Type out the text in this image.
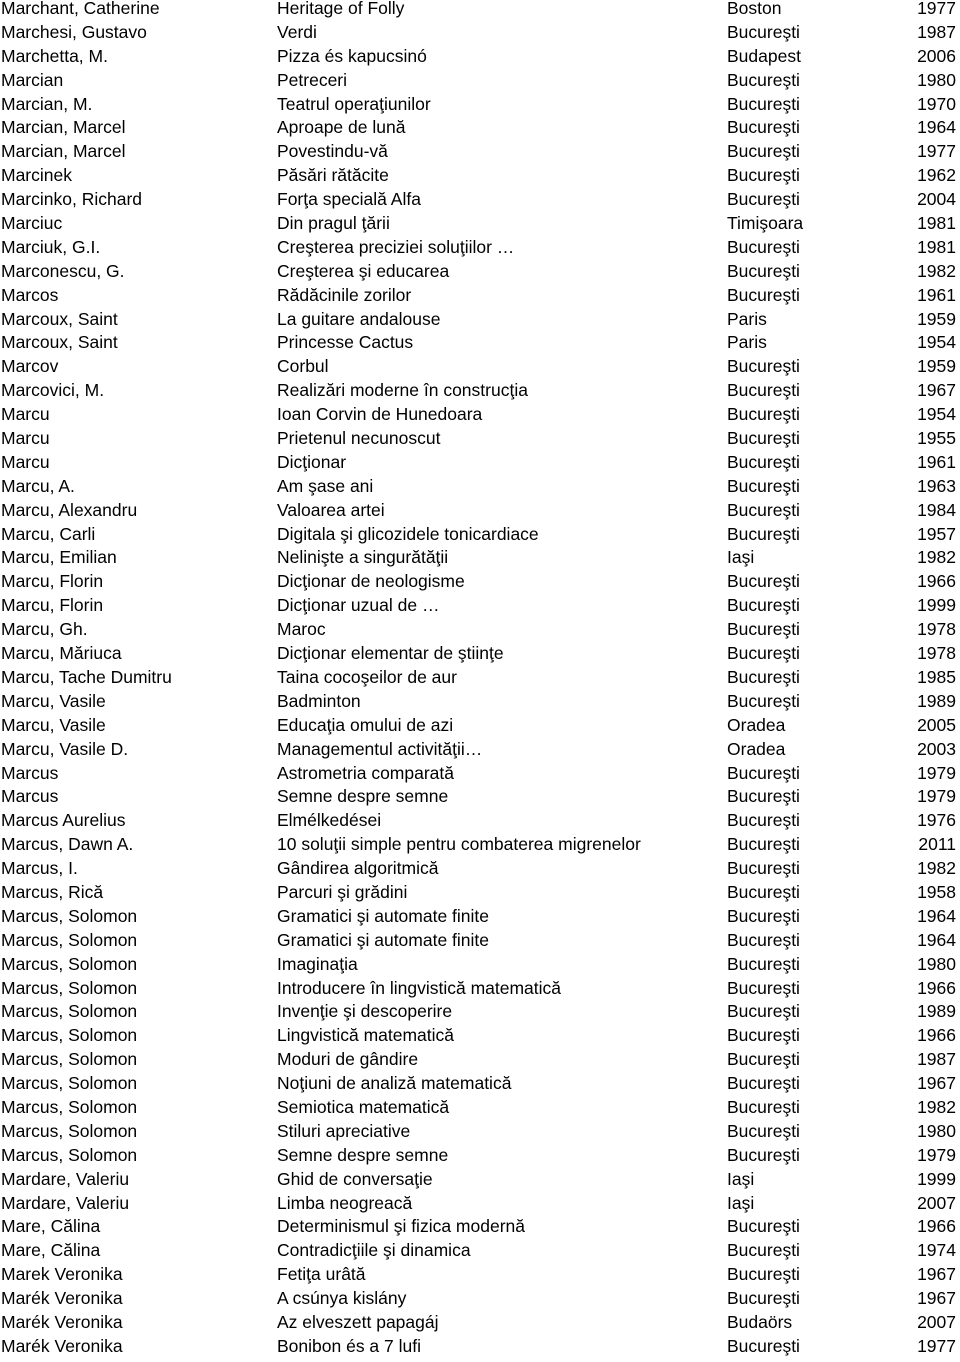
Marchant, Catherine	Heritage of Folly	Boston	1977
Marchesi, Gustavo	Verdi	Bucureşti	1987
Marchetta, M.	Pizza és kapucsinó	Budapest	2006
Marcian	Petreceri	Bucureşti	1980
Marcian, M.	Teatrul operaţiunilor	Bucureşti	1970
Marcian, Marcel	Aproape de lună	Bucureşti	1964
Marcian, Marcel	Povestindu-vă	Bucureşti	1977
Marcinek	Păsări rătăcite	Bucureşti	1962
Marcinko, Richard	Forţa specială Alfa	Bucureşti	2004
Marciuc	Din pragul ţării	Timişoara	1981
Marciuk, G.I.	Creşterea preciziei soluţiilor …	Bucureşti	1981
Marconescu, G.	Creşterea şi educarea	Bucureşti	1982
Marcos	Rădăcinile zorilor	Bucureşti	1961
Marcoux, Saint	La guitare andalouse	Paris	1959
Marcoux, Saint	Princesse Cactus	Paris	1954
Marcov	Corbul	Bucureşti	1959
Marcovici, M.	Realizări moderne în construcţia	Bucureşti	1967
Marcu	Ioan Corvin de Hunedoara	Bucureşti	1954
Marcu	Prietenul necunoscut	Bucureşti	1955
Marcu	Dicţionar	Bucureşti	1961
Marcu, A.	Am şase ani	Bucureşti	1963
Marcu, Alexandru	Valoarea artei	Bucureşti	1984
Marcu, Carli	Digitala şi glicozidele tonicardiace	Bucureşti	1957
Marcu, Emilian	Nelinişte a singurătăţii	Iaşi	1982
Marcu, Florin	Dicţionar de neologisme	Bucureşti	1966
Marcu, Florin	Dicţionar uzual de …	Bucureşti	1999
Marcu, Gh.	Maroc	Bucureşti	1978
Marcu, Măriuca	Dicţionar elementar de ştiinţe	Bucureşti	1978
Marcu, Tache Dumitru	Taina cocoşeilor de aur	Bucureşti	1985
Marcu, Vasile	Badminton	Bucureşti	1989
Marcu, Vasile	Educaţia omului de azi	Oradea	2005
Marcu, Vasile D.	Managementul activităţii…	Oradea	2003
Marcus	Astrometria comparată	Bucureşti	1979
Marcus	Semne despre semne	Bucureşti	1979
Marcus Aurelius	Elmélkedései	Bucureşti	1976
Marcus, Dawn A.	10 soluţii simple pentru combaterea migrenelor	Bucureşti	2011
Marcus, I.	Gândirea algoritmică	Bucureşti	1982
Marcus, Rică	Parcuri şi grădini	Bucureşti	1958
Marcus, Solomon	Gramatici şi automate finite	Bucureşti	1964
Marcus, Solomon	Gramatici şi automate finite	Bucureşti	1964
Marcus, Solomon	Imaginaţia	Bucureşti	1980
Marcus, Solomon	Introducere în lingvistică matematică	Bucureşti	1966
Marcus, Solomon	Invenţie şi descoperire	Bucureşti	1989
Marcus, Solomon	Lingvistică matematică	Bucureşti	1966
Marcus, Solomon	Moduri de gândire	Bucureşti	1987
Marcus, Solomon	Noţiuni de analiză matematică	Bucureşti	1967
Marcus, Solomon	Semiotica matematică	Bucureşti	1982
Marcus, Solomon	Stiluri apreciative	Bucureşti	1980
Marcus, Solomon	Semne despre semne	Bucureşti	1979
Mardare, Valeriu	Ghid de conversaţie	Iaşi	1999
Mardare, Valeriu	Limba neogreacă	Iaşi	2007
Mare, Călina	Determinismul şi fizica modernă	Bucureşti	1966
Mare, Călina	Contradicţiile şi dinamica	Bucureşti	1974
Marek Veronika	Fetiţa urâtă	Bucureşti	1967
Marék Veronika	A csúnya kislány	Bucureşti	1967
Marék Veronika	Az elveszett papagáj	Budaörs	2007
Marék Veronika	Bonibon és a 7 lufi	Bucureşti	1977
